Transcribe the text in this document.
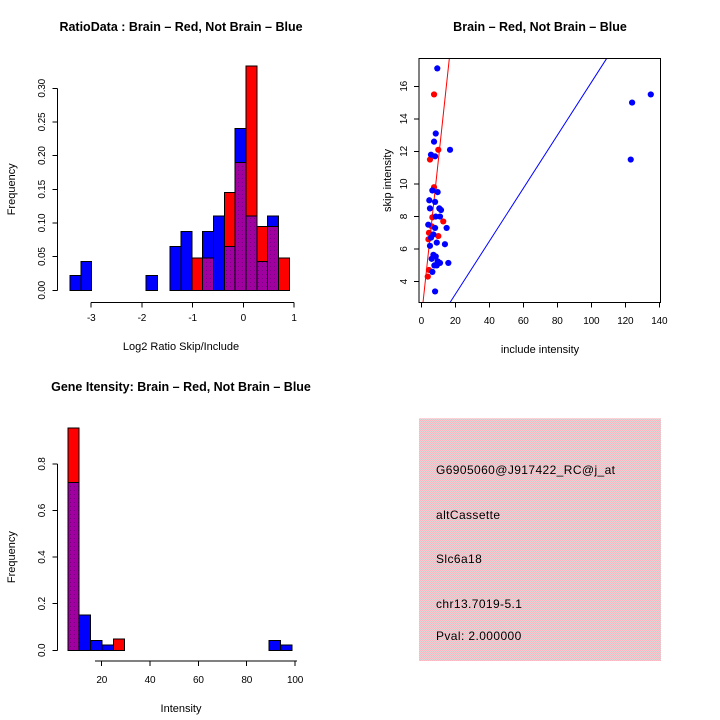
RatioData : Brain – Red, Not Brain – Blue
0.00
0.05
0.10
0.15
0.20
0.25
0.30
Frequency
-3	-2	-1	0	1
Log2 Ratio Skip/Include
Brain – Red, Not Brain – Blue
0	20 40 60 80 100 120 140
4
6
8
10
12
14
16
include intensity
skip intensity
Gene Itensity: Brain – Red, Not Brain – Blue
0.0
0.2
0.4
0.6
0.8
Frequency
20	40	60	80	100
Intensity
G6905060@J917422_RC@j_at
altCassette
Slc6a18
chr13.7019-5.1
Pval: 2.000000
